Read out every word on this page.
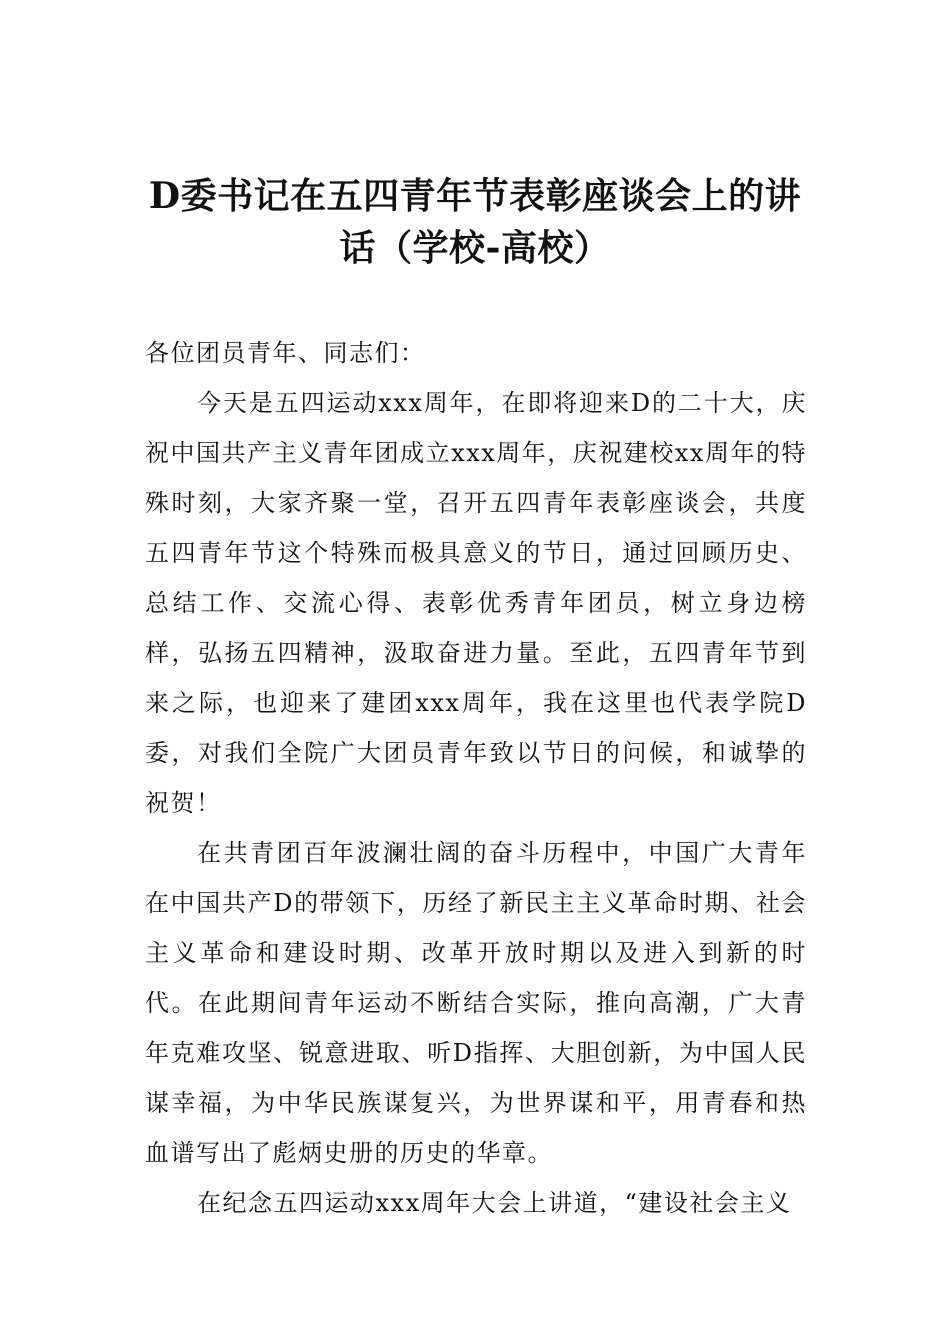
D委书记在五四青年节表彰座谈会上的讲话（学校-高校）

各位团员青年、同志们：

今天是五四运动xxx周年，在即将迎来D的二十大，庆祝中国共产主义青年团成立xxx周年，庆祝建校xx周年的特殊时刻，大家齐聚一堂，召开五四青年表彰座谈会，共度五四青年节这个特殊而极具意义的节日，通过回顾历史、总结工作、交流心得、表彰优秀青年团员，树立身边榜样，弘扬五四精神，汲取奋进力量。至此，五四青年节到来之际，也迎来了建团xxx周年，我在这里也代表学院D委，对我们全院广大团员青年致以节日的问候，和诚挚的祝贺！

在共青团百年波澜壮阔的奋斗历程中，中国广大青年在中国共产D的带领下，历经了新民主主义革命时期、社会主义革命和建设时期、改革开放时期以及进入到新的时代。在此期间青年运动不断结合实际，推向高潮，广大青年克难攻坚、锐意进取、听D指挥、大胆创新，为中国人民谋幸福，为中华民族谋复兴，为世界谋和平，用青春和热血谱写出了彪炳史册的历史的华章。

在纪念五四运动xxx周年大会上讲道，“建设社会主义
